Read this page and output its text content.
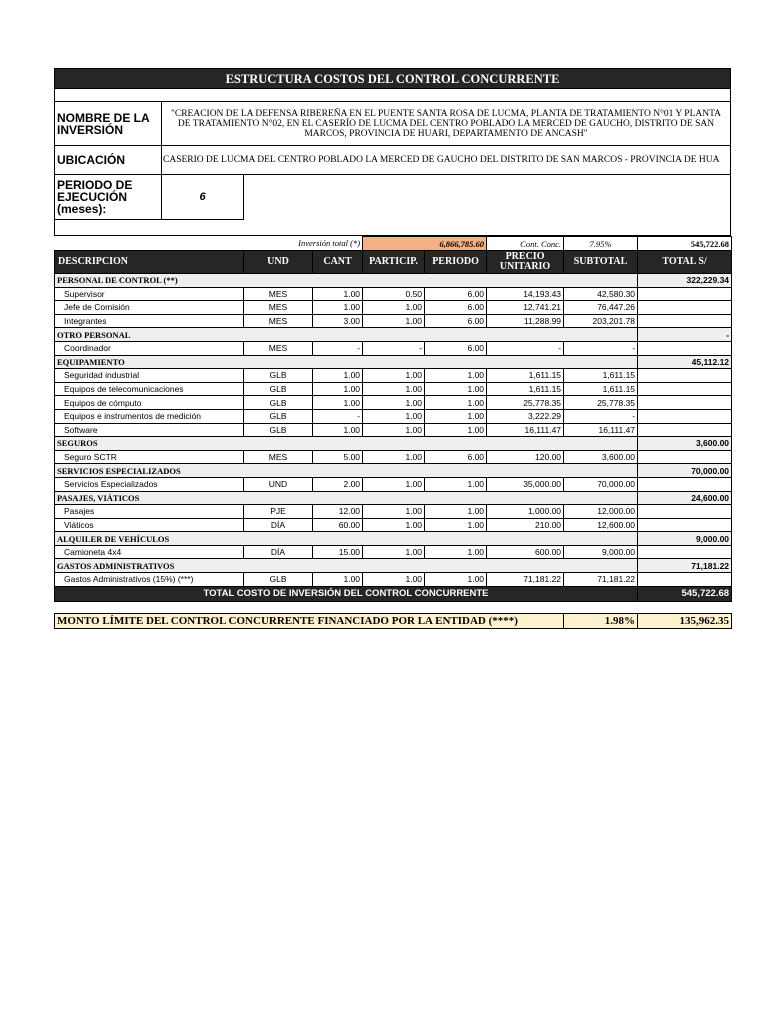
ESTRUCTURA COSTOS DEL CONTROL CONCURRENTE
NOMBRE DE LA INVERSIÓN
"CREACION DE LA DEFENSA RIBEREÑA EN EL PUENTE SANTA ROSA DE LUCMA, PLANTA DE TRATAMIENTO N°01 Y PLANTA DE TRATAMIENTO N°02, EN EL CASERÍO DE LUCMA DEL CENTRO POBLADO LA MERCED DE GAUCHO, DISTRITO DE SAN MARCOS, PROVINCIA DE HUARI, DEPARTAMENTO DE ANCASH"
UBICACIÓN	CASERIO DE LUCMA DEL CENTRO POBLADO LA MERCED DE GAUCHO DEL DISTRITO DE SAN MARCOS - PROVINCIA DE HUA
PERIODO DE EJECUCIÓN (meses):
6
Inversión total (*)			6,866,785.60		Cont. Conc.	7.95%	545,722.68
DESCRIPCION	UND	CANT	PARTICIP.	PERIODO	PRECIO UNITARIO	SUBTOTAL	TOTAL S/
PERSONAL DE CONTROL (**)							322,229.34
Supervisor	MES	1.00	0.50	6.00	14,193.43	42,580.30	
Jefe de Comisión	MES	1.00	1.00	6.00	12,741.21	76,447.26	
Integrantes	MES	3.00	1.00	6.00	11,288.99	203,201.78	
OTRO PERSONAL							-
Coordinador	MES	-	-	6.00	-	-	
EQUIPAMIENTO							45,112.12
Seguridad industrial	GLB	1.00	1.00	1.00	1,611.15	1,611.15	
Equipos de telecomunicaciones	GLB	1.00	1.00	1.00	1,611.15	1,611.15	
Equipos de cómputo	GLB	1.00	1.00	1.00	25,778.35	25,778.35	
Equipos e instrumentos de medición	GLB	-	1.00	1.00	3,222.29	-	
Software	GLB	1.00	1.00	1.00	16,111.47	16,111.47	
SEGUROS							3,600.00
Seguro SCTR	MES	5.00	1.00	6.00	120.00	3,600.00	
SERVICIOS ESPECIALIZADOS							70,000.00
Servicios Especializados	UND	2.00	1.00	1.00	35,000.00	70,000.00	
PASAJES, VIÁTICOS							24,600.00
Pasajes	PJE	12.00	1.00	1.00	1,000.00	12,000.00	
Viáticos	DÍA	60.00	1.00	1.00	210.00	12,600.00	
ALQUILER DE VEHÍCULOS							9,000.00
Camioneta 4x4	DÍA	15.00	1.00	1.00	600.00	9,000.00	
GASTOS ADMINISTRATIVOS							71,181.22
Gastos Administrativos (15%) (***)	GLB	1.00	1.00	1.00	71,181.22	71,181.22	
TOTAL COSTO DE INVERSIÓN DEL CONTROL CONCURRENTE							545,722.68

MONTO LÍMITE DEL CONTROL CONCURRENTE FINANCIADO POR LA ENTIDAD (****)						1.98%	135,962.35
